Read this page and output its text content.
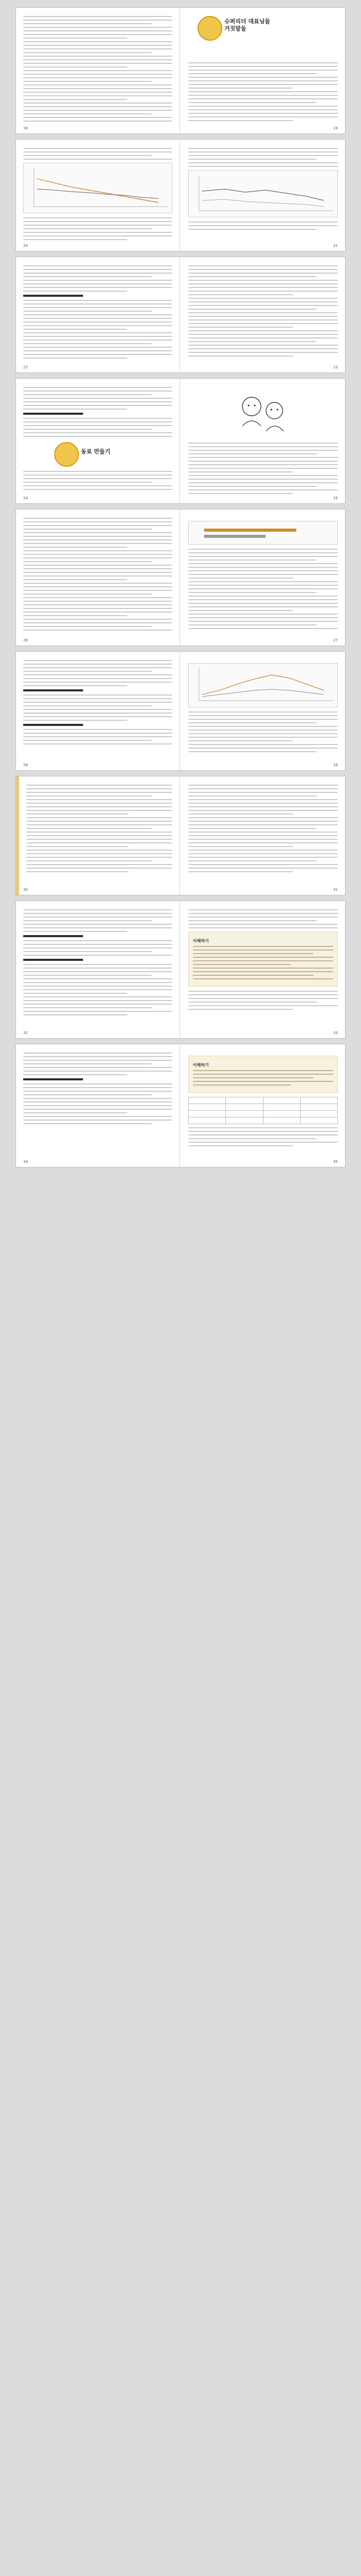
18
슈퍼리더 대표님들
거짓말들
19
20	21
22	23
동료 만들기
24	25
26	27
28	29
30	31
32
이해하기
33
34
이해하기

35
